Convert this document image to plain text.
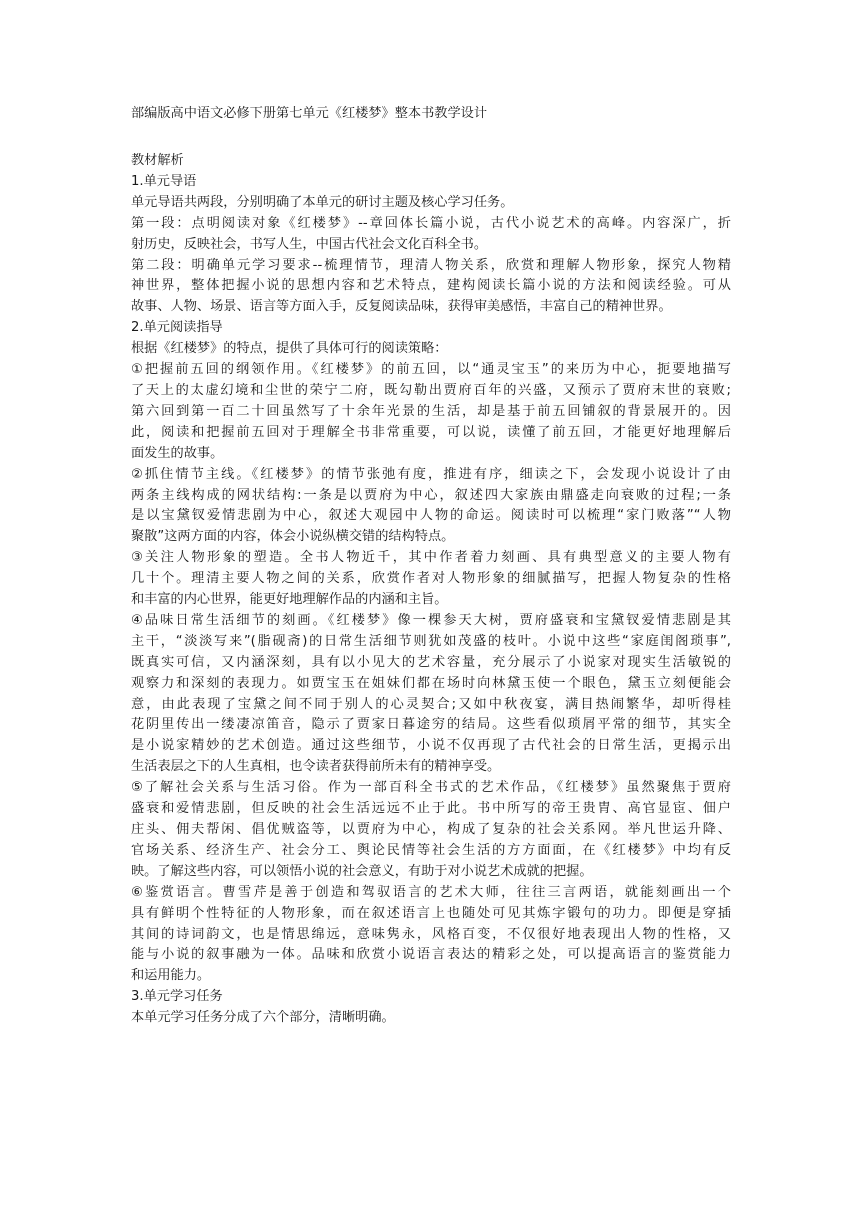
部编版高中语文必修下册第七单元《红楼梦》整本书教学设计
教材解析
1.单元导语
单元导语共两段，分别明确了本单元的研讨主题及核心学习任务。
第一段：点明阅读对象《红楼梦》--章回体长篇小说，古代小说艺术的高峰。内容深广，折
射历史，反映社会，书写人生，中国古代社会文化百科全书。
第二段：明确单元学习要求--梳理情节，理清人物关系，欣赏和理解人物形象，探究人物精
神世界，整体把握小说的思想内容和艺术特点，建构阅读长篇小说的方法和阅读经验。可从
故事、人物、场景、语言等方面入手，反复阅读品味，获得审美感悟，丰富自己的精神世界。
2.单元阅读指导
根据《红楼梦》的特点，提供了具体可行的阅读策略：
①把握前五回的纲领作用。《红楼梦》的前五回，以“通灵宝玉”的来历为中心，扼要地描写
了天上的太虚幻境和尘世的荣宁二府，既勾勒出贾府百年的兴盛，又预示了贾府末世的衰败;
第六回到第一百二十回虽然写了十余年光景的生活，却是基于前五回铺叙的背景展开的。因
此，阅读和把握前五回对于理解全书非常重要，可以说，读懂了前五回，才能更好地理解后
面发生的故事。
②抓住情节主线。《红楼梦》的情节张弛有度，推进有序，细读之下，会发现小说设计了由
两条主线构成的网状结构:一条是以贾府为中心，叙述四大家族由鼎盛走向衰败的过程;一条
是以宝黛钗爱情悲剧为中心，叙述大观园中人物的命运。阅读时可以梳理“家门败落”“人物
聚散”这两方面的内容，体会小说纵横交错的结构特点。
③关注人物形象的塑造。全书人物近千，其中作者着力刻画、具有典型意义的主要人物有
几十个。理清主要人物之间的关系，欣赏作者对人物形象的细腻描写，把握人物复杂的性格
和丰富的内心世界，能更好地理解作品的内涵和主旨。
④品味日常生活细节的刻画。《红楼梦》像一棵参天大树，贾府盛衰和宝黛钗爱情悲剧是其
主干，“淡淡写来”(脂砚斋)的日常生活细节则犹如茂盛的枝叶。小说中这些“家庭闺阁琐事”,
既真实可信，又内涵深刻，具有以小见大的艺术容量，充分展示了小说家对现实生活敏锐的
观察力和深刻的表现力。如贾宝玉在姐妹们都在场时向林黛玉使一个眼色，黛玉立刻便能会
意，由此表现了宝黛之间不同于别人的心灵契合;又如中秋夜宴，满目热闹繁华，却听得桂
花阴里传出一缕凄凉笛音，隐示了贾家日暮途穷的结局。这些看似琐屑平常的细节，其实全
是小说家精妙的艺术创造。通过这些细节，小说不仅再现了古代社会的日常生活，更揭示出
生活表层之下的人生真相，也令读者获得前所未有的精神享受。
⑤了解社会关系与生活习俗。作为一部百科全书式的艺术作品，《红楼梦》虽然聚焦于贾府
盛衰和爱情悲剧，但反映的社会生活远远不止于此。书中所写的帝王贵胄、高官显宦、佃户
庄头、佣夫帮闲、倡优贼盗等，以贾府为中心，构成了复杂的社会关系网。举凡世运升降、
官场关系、经济生产、社会分工、舆论民情等社会生活的方方面面，在《红楼梦》中均有反
映。了解这些内容，可以领悟小说的社会意义，有助于对小说艺术成就的把握。
⑥鉴赏语言。曹雪芹是善于创造和驾驭语言的艺术大师，往往三言两语，就能刻画出一个
具有鲜明个性特征的人物形象，而在叙述语言上也随处可见其炼字锻句的功力。即便是穿插
其间的诗词韵文，也是情思绵远，意味隽永，风格百变，不仅很好地表现出人物的性格，又
能与小说的叙事融为一体。品味和欣赏小说语言表达的精彩之处，可以提高语言的鉴赏能力
和运用能力。
3.单元学习任务
本单元学习任务分成了六个部分，清晰明确。
